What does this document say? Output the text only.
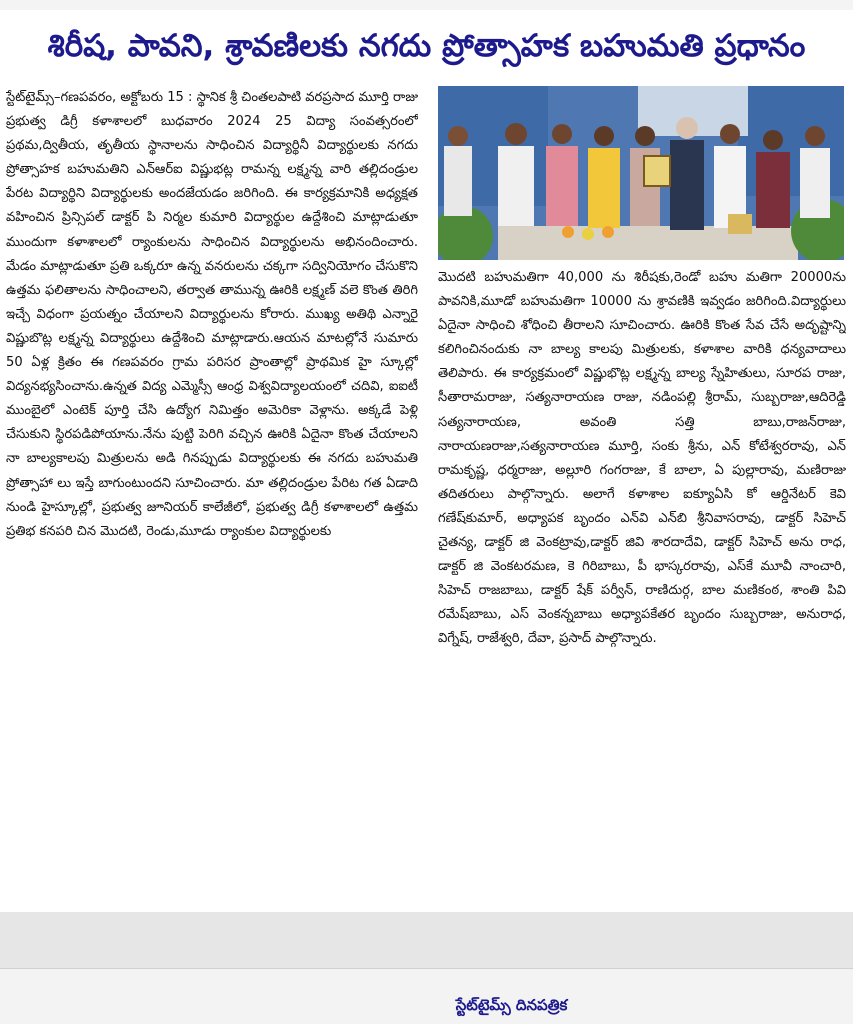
శిరీష, పావని, శ్రావణిలకు నగదు ప్రోత్సాహక బహుమతి ప్రధానం
స్టేట్‌టైమ్స్–గణపవరం, అక్టోబరు 15 : స్థానిక శ్రీ చింతలపాటి వరప్రసాద మూర్తి రాజు ప్రభుత్వ డిగ్రీ కళాశాలలో బుధవారం 2024 25 విద్యా సంవత్సరంలో ప్రథమ,ద్వితీయ, తృతీయ స్థానాలను సాధించిన విద్యార్థినీ విద్యార్థులకు నగదు ప్రోత్సాహక బహుమతిని ఎన్ఆర్ఐ విష్ణుభట్ల రామన్న లక్ష్మన్న వారి తల్లిదండ్రుల పేరట విద్యార్థిని విద్యార్థులకు అందజేయడం జరిగింది. ఈ కార్యక్రమానికి అధ్యక్షత వహించిన ప్రిన్సిపల్ డాక్టర్ పి నిర్మల కుమారి విద్యార్థుల ఉద్దేశించి మాట్లాడుతూ ముందుగా కళాశాలలో ర్యాంకులను సాధించిన విద్యార్థులను అభినందించారు. మేడం మాట్లాడుతూ ప్రతి ఒక్కరూ ఉన్న వనరులను చక్కగా సద్వినియోగం చేసుకొని ఉత్తమ ఫలితాలను సాధించాలని, తర్వాత తామున్న ఊరికి లక్ష్మణ్ వలె కొంత తిరిగి ఇచ్చే విధంగా ప్రయత్నం చేయాలని విద్యార్థులను కోరారు. ముఖ్య అతిథి ఎన్నారై విష్ణుబొట్ల లక్ష్మన్న విద్యార్థులు ఉద్దేశించి మాట్లాడారు.ఆయన మాటల్లోనే సుమారు 50 ఏళ్ల క్రితం ఈ గణపవరం గ్రామ పరిసర ప్రాంతాల్లో ప్రాథమిక హై స్కూల్లో విద్యనభ్యసించాను.ఉన్నత విద్య ఎమ్మెస్సీ ఆంధ్ర విశ్వవిద్యాలయంలో చదివి, ఐఐటీ ముంబైలో ఎంటెక్ పూర్తి చేసి ఉద్యోగ నిమిత్తం అమెరికా వెళ్లాను. అక్కడే పెళ్లి చేసుకుని స్థిరపడిపోయాను.నేను పుట్టి పెరిగి వచ్చిన ఊరికి ఏదైనా కొంత చేయాలని నా బాల్యకాలపు మిత్రులను అడి గినప్పుడు విద్యార్థులకు ఈ నగదు బహుమతి ప్రోత్సాహా లు ఇస్తే బాగుంటుందని సూచించారు. మా తల్లిదండ్రుల పేరిట గత ఏడాది నుండి హైస్కూల్లో, ప్రభుత్వ జూనియర్ కాలేజీలో, ప్రభుత్వ డిగ్రీ కళాశాలలో ఉత్తమ ప్రతిభ కనపరి చిన మొదటి, రెండు,మూడు ర్యాంకుల విద్యార్థులకు
మొదటి బహుమతిగా 40,000 ను శిరీషకు,రెండో బహు మతిగా 20000ను పావనికి,మూడో బహుమతిగా 10000 ను శ్రావణికి ఇవ్వడం జరిగింది.విద్యార్థులు ఏదైనా సాధించి శోధించి తీరాలని సూచించారు. ఊరికి కొంత సేవ చేసే అదృష్టాన్ని కలిగించినందుకు నా బాల్య కాలపు మిత్రులకు, కళాశాల వారికి ధన్యవాదాలు తెలిపారు. ఈ కార్యక్రమంలో విష్ణుభొట్ల లక్ష్మన్న బాల్య స్నేహితులు, సూరప రాజు, సీతారామరాజు, సత్యనారాయణ రాజు, నడింపల్లి శ్రీరామ్, సుబ్బరాజు,ఆదిరెడ్డి సత్యనారాయణ, అవంతి సత్తి బాబు,రాజన్‌రాజు, నారాయణరాజు,సత్యనారాయణ మూర్తి, సంకు శ్రీను, ఎన్ కోటేశ్వరరావు, ఎన్ రామకృష్ణ, ధర్మరాజు, అల్లూరి గంగరాజు, కే బాలా, ఏ పుల్లారావు, మణిరాజు తదితరులు పాల్గొన్నారు. అలాగే కళాశాల ఐక్యూఏసి కో ఆర్డినేటర్ కెవి గణేష్‌కుమార్, అధ్యాపక బృందం ఎన్‌వి ఎన్‌బి శ్రీనివాసరావు, డాక్టర్ సిహెచ్ చైతన్య, డాక్టర్ జి వెంకట్రావు,డాక్టర్ జివి శారదాదేవి, డాక్టర్ సిహెచ్ అను రాధ, డాక్టర్ జి వెంకటరమణ, కె గిరిబాబు, పీ భాస్కరరావు, ఎస్‌కే మూవీ నాంచారి, సిహెచ్ రాజబాబు, డాక్టర్ షేక్ పర్వీన్, రాణిదుర్గ, బాల మణికంఠ, శాంతి పివి రమేష్‌బాబు, ఎస్ వెంకన్నబాబు అధ్యాపకేతర బృందం సుబ్బరాజు, అనురాధ, విగ్నేష్, రాజేశ్వరి, దేవా, ప్రసాద్ పాల్గొన్నారు.
స్టేట్‌టైమ్స్ దినపత్రిక
